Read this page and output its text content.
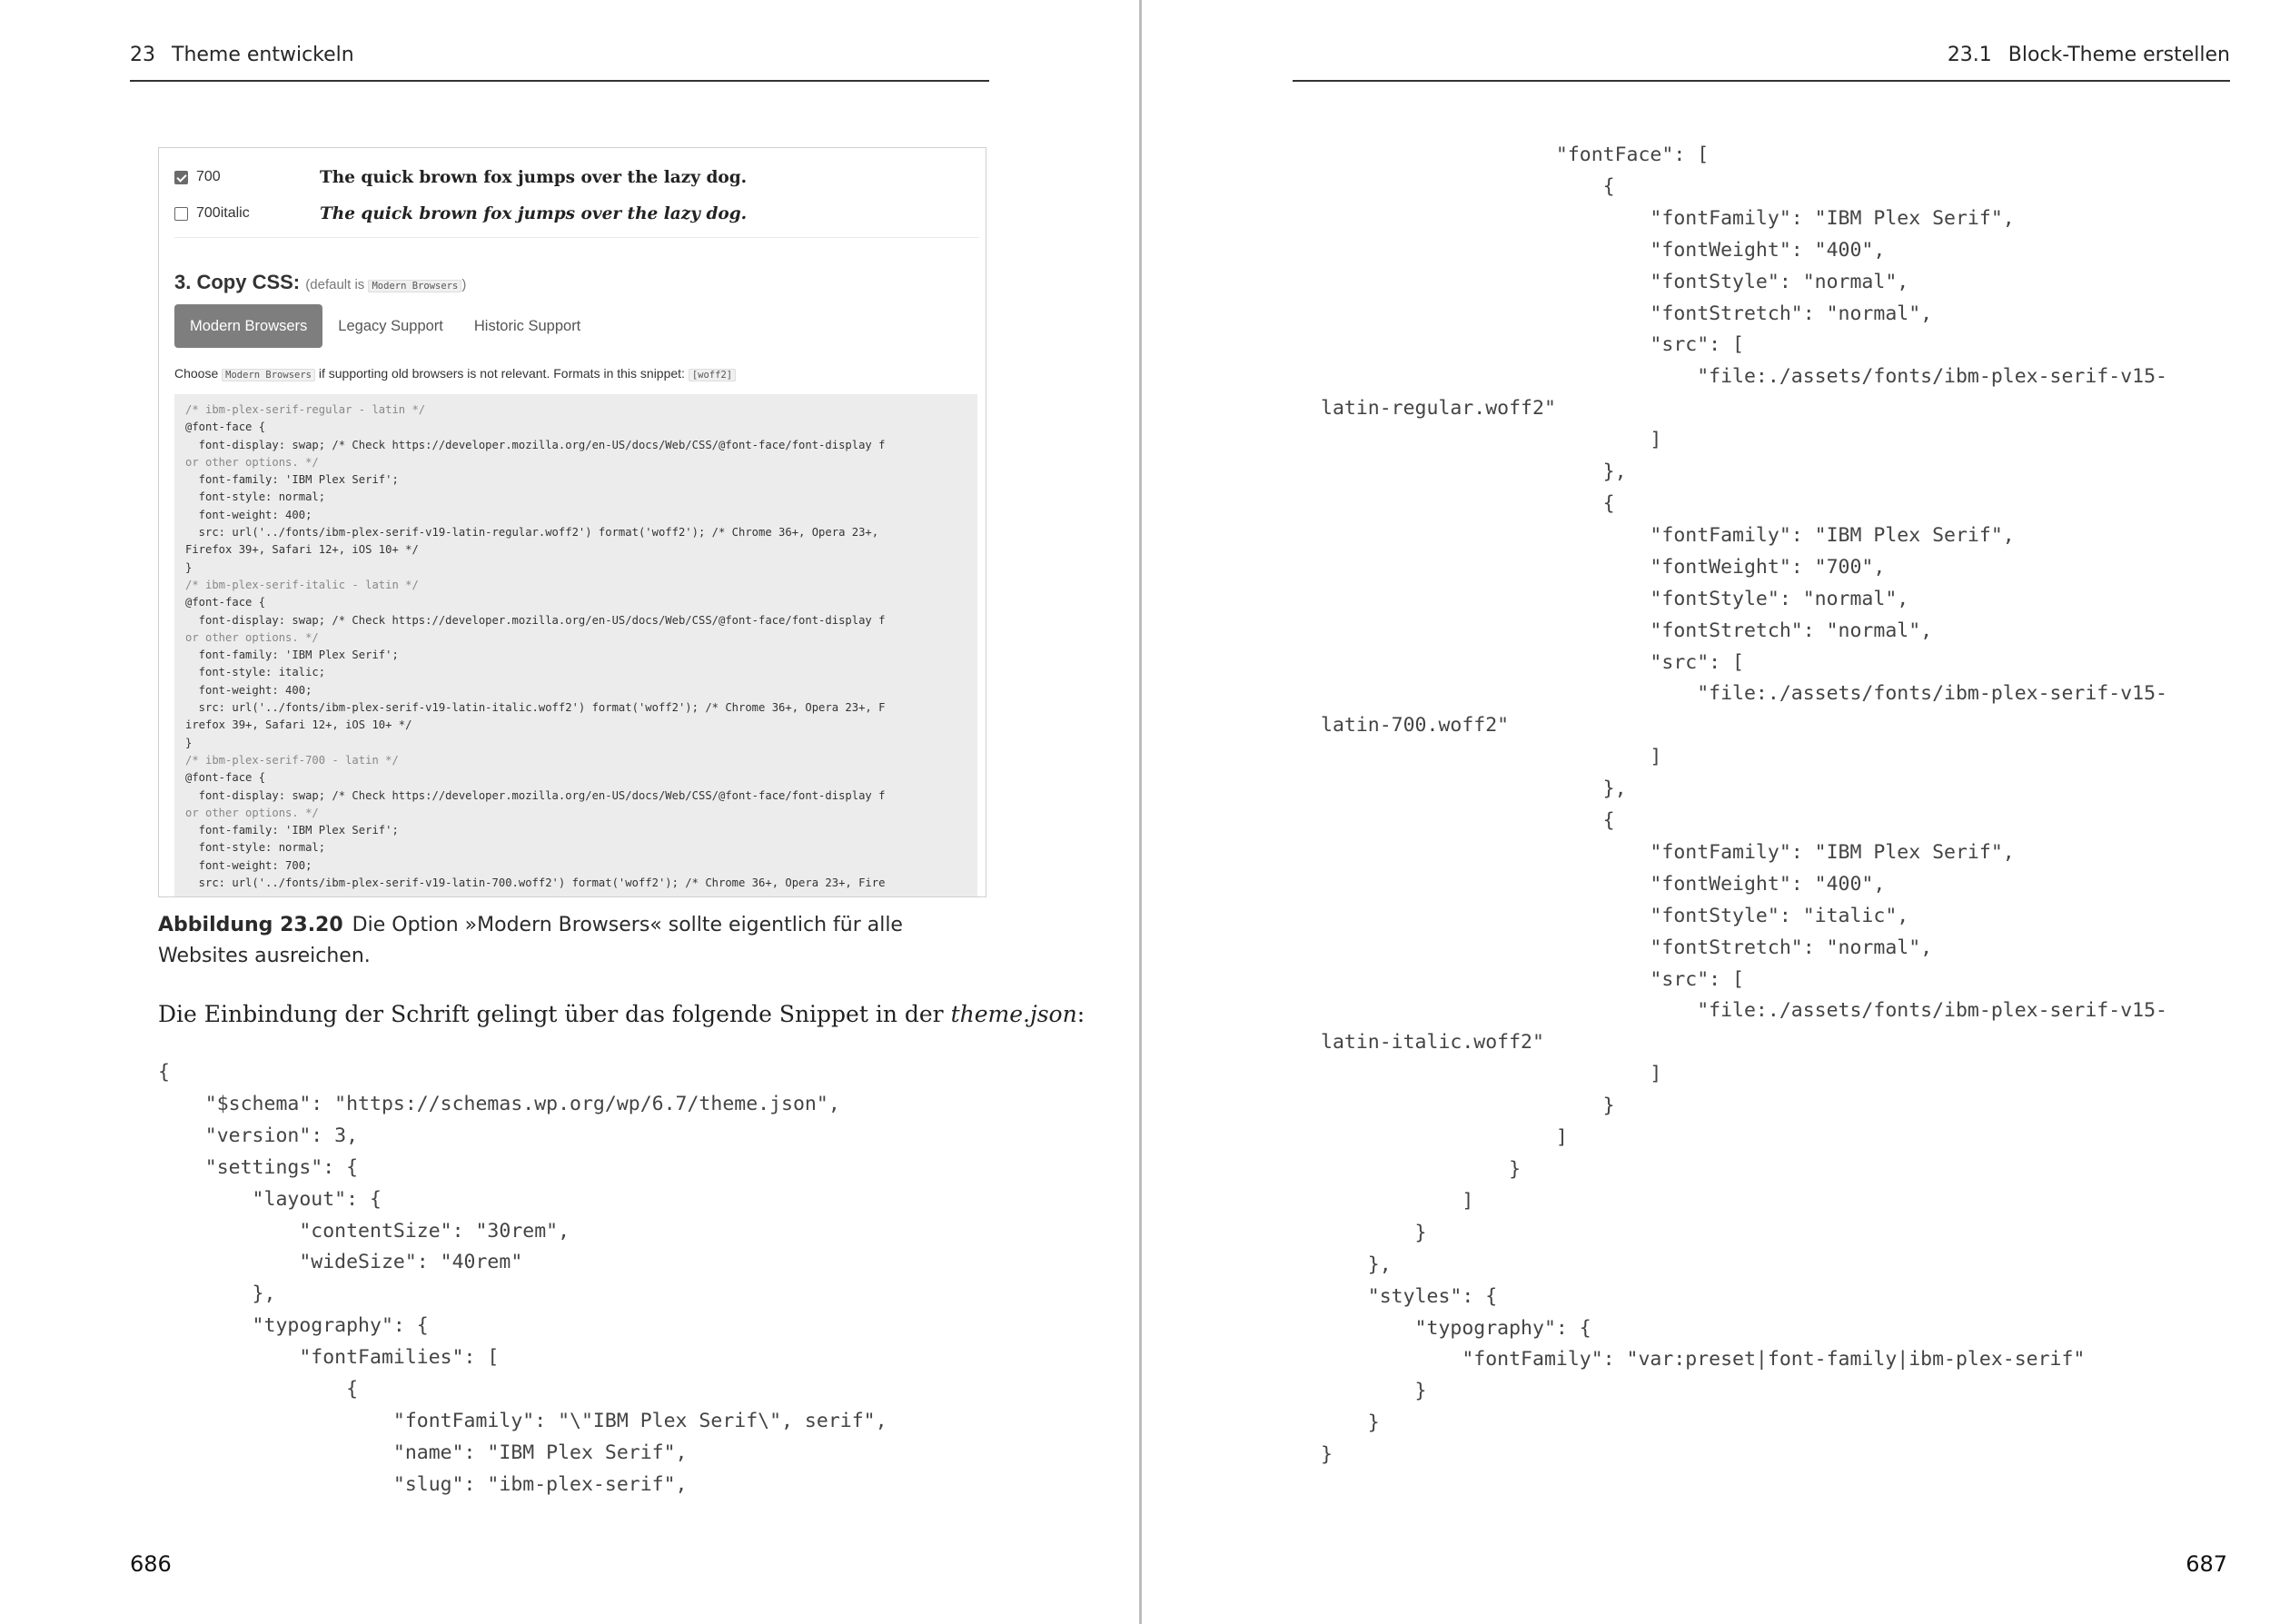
23 Theme entwickeln
700	The quick brown fox jumps over the lazy dog.
700italic	The quick brown fox jumps over the lazy dog.
3. Copy CSS: (default is Modern Browsers )
Modern Browsers	Legacy Support	Historic Support
Choose Modern Browsers if supporting old browsers is not relevant. Formats in this snippet: [woff2]
/* ibm-plex-serif-regular - latin */
@font-face {
font-display: swap; /* Check https://developer.mozilla.org/en-US/docs/Web/CSS/@font-face/font-display f
or other options. */
font-family: 'IBM Plex Serif';
font-style: normal;
font-weight: 400;
src: url('../fonts/ibm-plex-serif-v19-latin-regular.woff2') format('woff2'); /* Chrome 36+, Opera 23+,
Firefox 39+, Safari 12+, iOS 10+ */
}
/* ibm-plex-serif-italic - latin */
@font-face {
font-display: swap; /* Check https://developer.mozilla.org/en-US/docs/Web/CSS/@font-face/font-display f
or other options. */
font-family: 'IBM Plex Serif';
font-style: italic;
font-weight: 400;
src: url('../fonts/ibm-plex-serif-v19-latin-italic.woff2') format('woff2'); /* Chrome 36+, Opera 23+, F
irefox 39+, Safari 12+, iOS 10+ */
}
/* ibm-plex-serif-700 - latin */
@font-face {
font-display: swap; /* Check https://developer.mozilla.org/en-US/docs/Web/CSS/@font-face/font-display f
or other options. */
font-family: 'IBM Plex Serif';
font-style: normal;
font-weight: 700;
src: url('../fonts/ibm-plex-serif-v19-latin-700.woff2') format('woff2'); /* Chrome 36+, Opera 23+, Fire
Abbildung 23.20 Die Option »Modern Browsers« sollte eigentlich für alle Websites ausreichen.
Die Einbindung der Schrift gelingt über das folgende Snippet in der theme.json:
{
"$schema": "https://schemas.wp.org/wp/6.7/theme.json",
"version": 3,
"settings": {
"layout": {
"contentSize": "30rem",
"wideSize": "40rem"
},
"typography": {
"fontFamilies": [
{
"fontFamily": "\"IBM Plex Serif\", serif",
"name": "IBM Plex Serif",
"slug": "ibm-plex-serif",
686
23.1 Block-Theme erstellen
"fontFace": [
{
"fontFamily": "IBM Plex Serif",
"fontWeight": "400",
"fontStyle": "normal",
"fontStretch": "normal",
"src": [
"file:./assets/fonts/ibm-plex-serif-v15-
latin-regular.woff2"
]
},
{
"fontFamily": "IBM Plex Serif",
"fontWeight": "700",
"fontStyle": "normal",
"fontStretch": "normal",
"src": [
"file:./assets/fonts/ibm-plex-serif-v15-
latin-700.woff2"
]
},
{
"fontFamily": "IBM Plex Serif",
"fontWeight": "400",
"fontStyle": "italic",
"fontStretch": "normal",
"src": [
"file:./assets/fonts/ibm-plex-serif-v15-
latin-italic.woff2"
]
}
]
}
]
}
},
"styles": {
"typography": {
"fontFamily": "var:preset|font-family|ibm-plex-serif"
}
}
}
687
